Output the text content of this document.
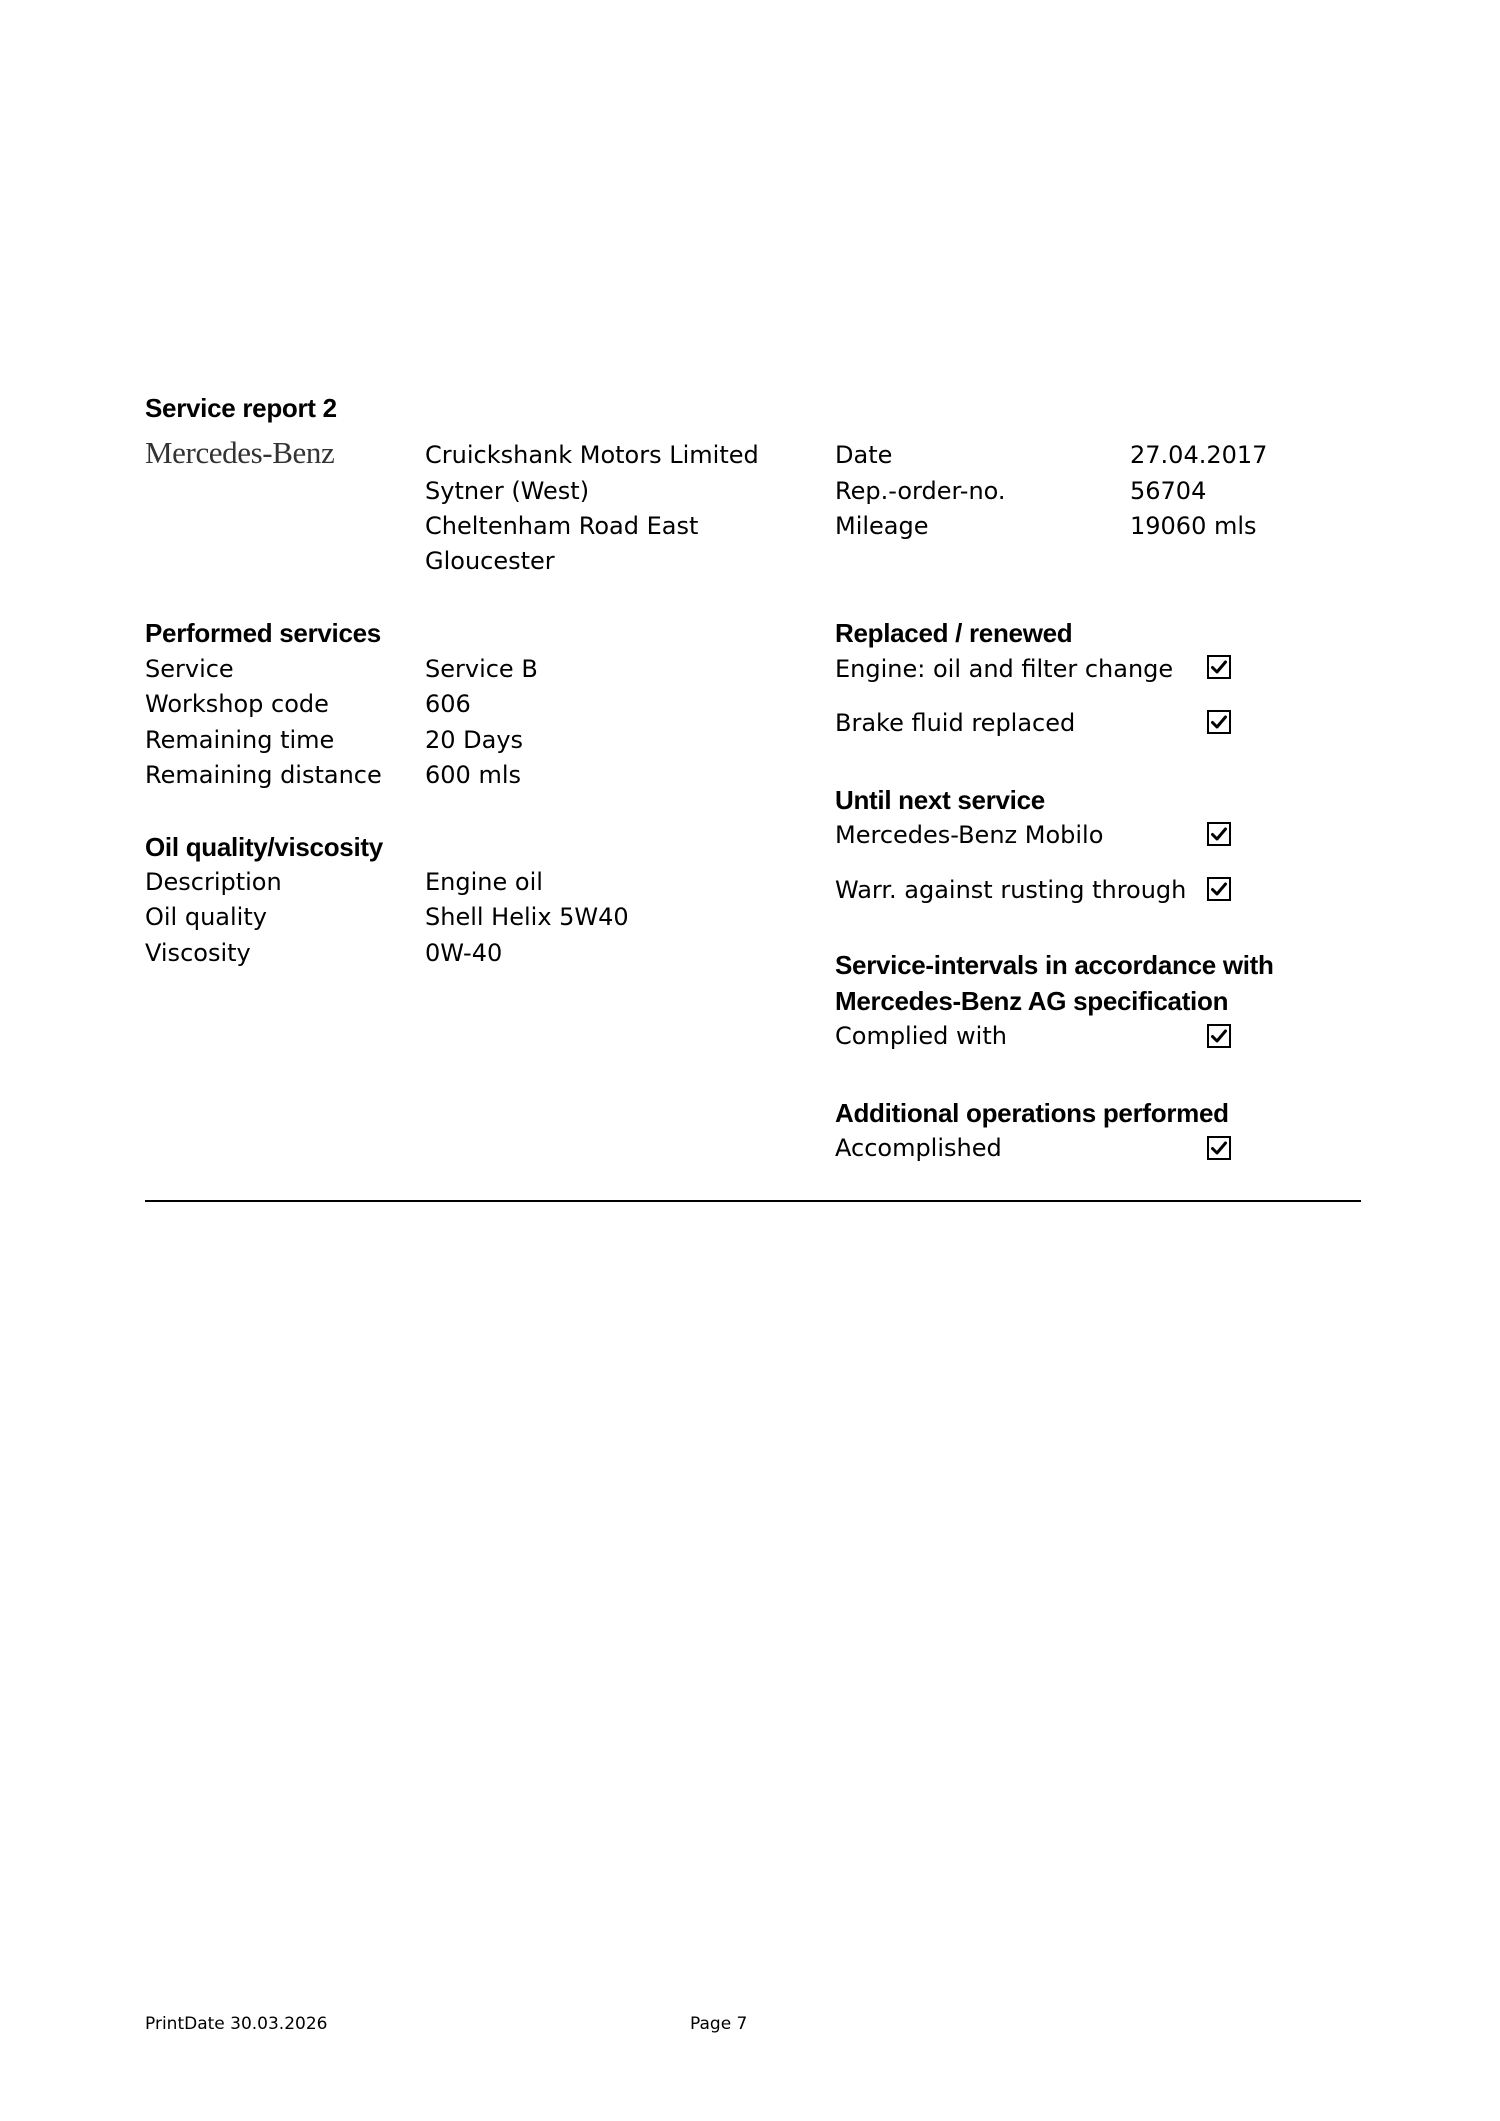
Service report 2
Mercedes-Benz	Cruickshank Motors Limited
Sytner (West)
Cheltenham Road East
Gloucester
Date	27.04.2017
Rep.-order-no.	56704
Mileage	19060 mls
Performed services
Service	Service B
Workshop code	606
Remaining time	20 Days
Remaining distance 600 mls
Oil quality/viscosity
Description	Engine oil
Oil quality	Shell Helix 5W40
Viscosity	0W-40
Replaced / renewed
Engine: oil and filter change
Brake fluid replaced
Until next service
Mercedes-Benz Mobilo
Warr. against rusting through
Service-intervals in accordance with
Mercedes-Benz AG specification
Complied with
Additional operations performed
Accomplished
PrintDate 30.03.2026	Page 7
